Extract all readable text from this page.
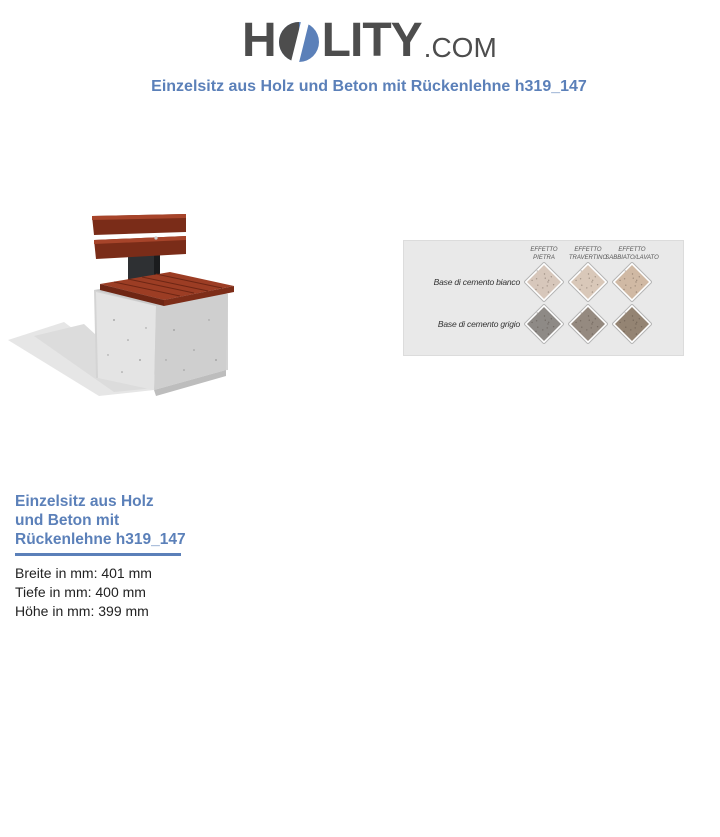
H LITY .COM
Einzelsitz aus Holz und Beton mit Rückenlehne h319_147
EFFETTO
PIETRA
EFFETTO
TRAVERTINO
EFFETTO
SABBIATO/LAVATO
Base di cemento bianco
Base di cemento grigio
Einzelsitz aus Holz
und Beton mit
Rückenlehne h319_147
Breite in mm: 401 mm
Tiefe in mm: 400 mm
Höhe in mm: 399 mm
